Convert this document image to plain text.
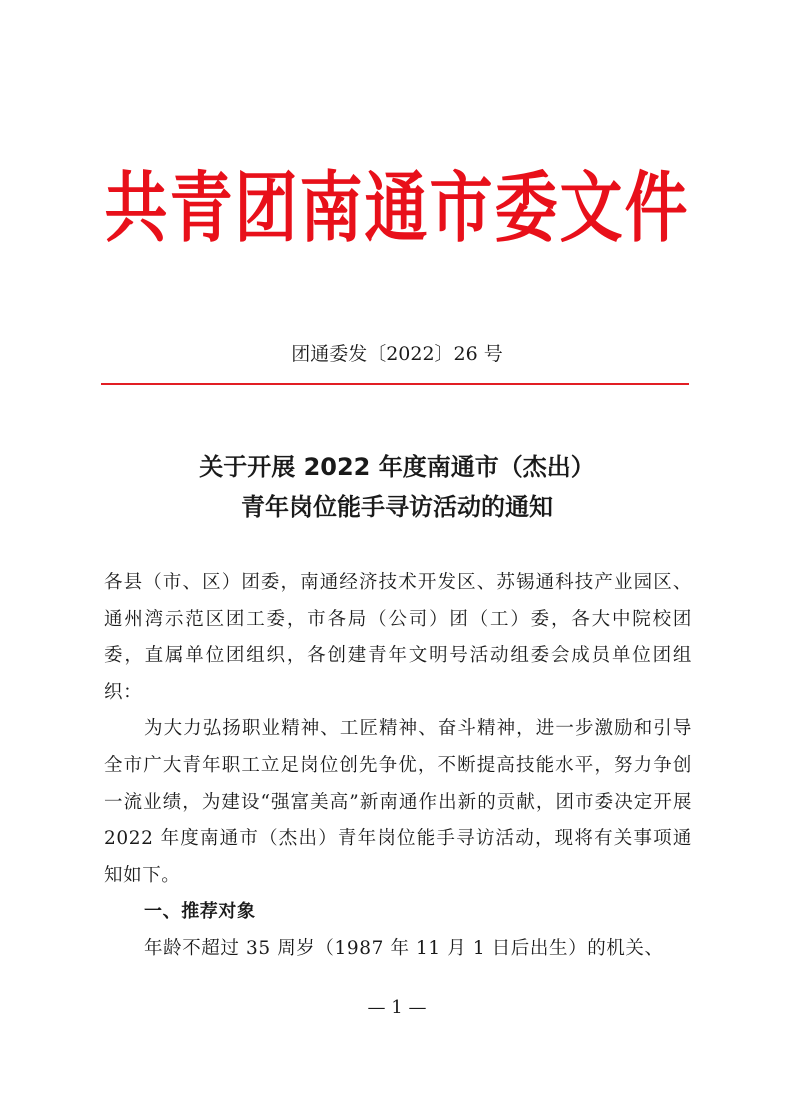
共青团南通市委文件
团通委发〔2022〕26 号
关于开展 2022 年度南通市（杰出）
青年岗位能手寻访活动的通知

各县（市、区）团委，南通经济技术开发区、苏锡通科技产业园区、通州湾示范区团工委，市各局（公司）团（工）委，各大中院校团委，直属单位团组织，各创建青年文明号活动组委会成员单位团组织：

为大力弘扬职业精神、工匠精神、奋斗精神，进一步激励和引导全市广大青年职工立足岗位创先争优，不断提高技能水平，努力争创一流业绩，为建设“强富美高”新南通作出新的贡献，团市委决定开展 2022 年度南通市（杰出）青年岗位能手寻访活动，现将有关事项通知如下。

一、推荐对象

年龄不超过 35 周岁（1987 年 11 月 1 日后出生）的机关、

— 1 —
